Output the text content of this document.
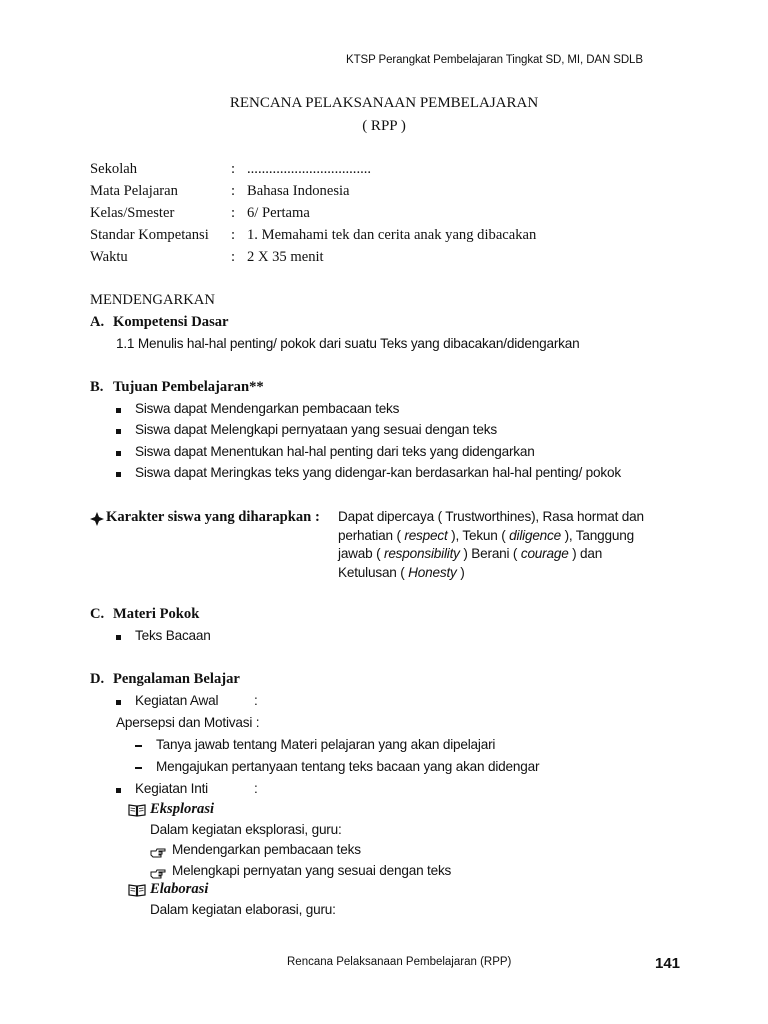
KTSP Perangkat Pembelajaran Tingkat SD, MI, DAN SDLB
RENCANA PELAKSANAAN PEMBELAJARAN
( RPP )
Sekolah	: ..................................
Mata Pelajaran	: Bahasa Indonesia
Kelas/Smester	: 6/ Pertama
Standar Kompetansi : 1. Memahami tek dan cerita anak yang dibacakan
Waktu	: 2 X 35 menit
MENDENGARKAN
A. Kompetensi Dasar
1.1 Menulis hal-hal penting/ pokok dari suatu Teks yang dibacakan/didengarkan
B. Tujuan Pembelajaran**
Siswa dapat Mendengarkan pembacaan teks
Siswa dapat Melengkapi pernyataan yang sesuai dengan teks
Siswa dapat Menentukan hal-hal penting dari teks yang didengarkan
Siswa dapat Meringkas teks yang didengar-kan berdasarkan hal-hal penting/ pokok
Karakter siswa yang diharapkan : Dapat dipercaya ( Trustworthines), Rasa hormat dan
perhatian ( respect ), Tekun ( diligence ), Tanggung
jawab ( responsibility ) Berani ( courage ) dan
Ketulusan ( Honesty )
C. Materi Pokok
Teks Bacaan
D. Pengalaman Belajar
Kegiatan Awal	:
Apersepsi dan Motivasi :
Tanya jawab tentang Materi pelajaran yang akan dipelajari
Mengajukan pertanyaan tentang teks bacaan yang akan didengar
Kegiatan Inti	:
Eksplorasi
Dalam kegiatan eksplorasi, guru:
Mendengarkan pembacaan teks
Melengkapi pernyatan yang sesuai dengan teks
Elaborasi
Dalam kegiatan elaborasi, guru:
Rencana Pelaksanaan Pembelajaran (RPP)	141
